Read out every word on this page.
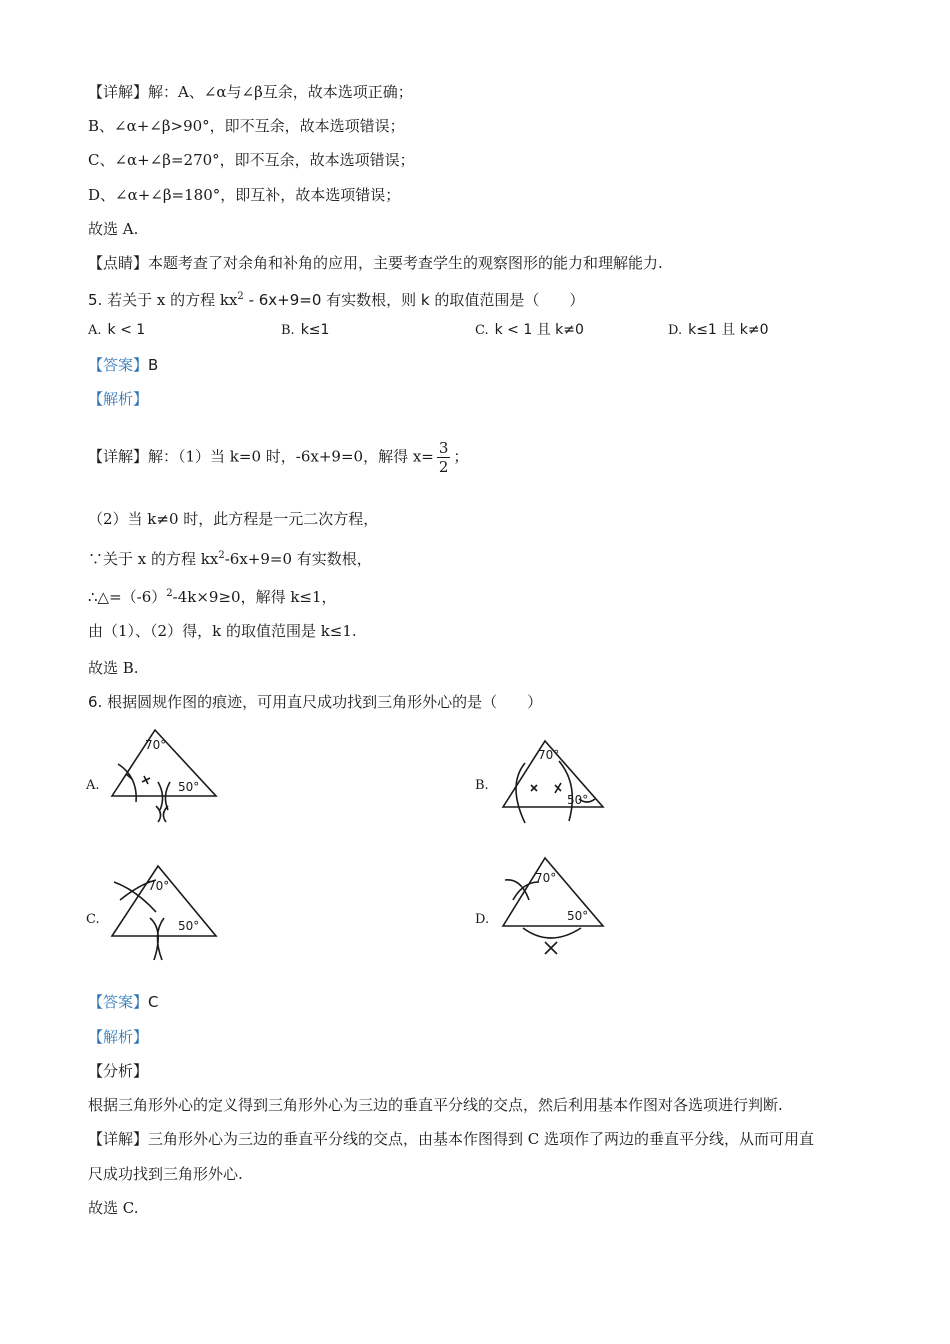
【详解】解：A、∠α与∠β互余，故本选项正确；
B、∠α+∠β>90°，即不互余，故本选项错误；
C、∠α+∠β=270°，即不互余，故本选项错误；
D、∠α+∠β=180°，即互补，故本选项错误；
故选 A.
【点睛】本题考查了对余角和补角的应用，主要考查学生的观察图形的能力和理解能力.
5. 若关于 x 的方程 $kx^2 - 6x+9=0$ 有实数根，则 k 的取值范围是（　　）
A. k < 1	B. k≤1	C. k < 1 且 k≠0	D. k≤1 且 k≠0
【答案】B
【解析】
【详解】解：（1）当 k=0 时，-6x+9=0，解得 $x= \frac{3}{2}$ ；
（2）当 k≠0 时，此方程是一元二次方程，
∵关于 x 的方程 $kx^2-6x+9=0$ 有实数根，
$\therefore\triangle=(-6)^2-4k\times 9\ge 0$，解得 k≤1，
由（1）、（2）得，k 的取值范围是 k≤1.
故选 B.
6. 根据圆规作图的痕迹，可用直尺成功找到三角形外心的是（　　）
A.
70°
50°	B.
70°
50°
C.
70°
50°	D.
70°
50°
【答案】C
【解析】
【分析】
根据三角形外心的定义得到三角形外心为三边的垂直平分线的交点，然后利用基本作图对各选项进行判断.
【详解】三角形外心为三边的垂直平分线的交点，由基本作图得到 C 选项作了两边的垂直平分线，从而可用直
尺成功找到三角形外心.
故选 C.
